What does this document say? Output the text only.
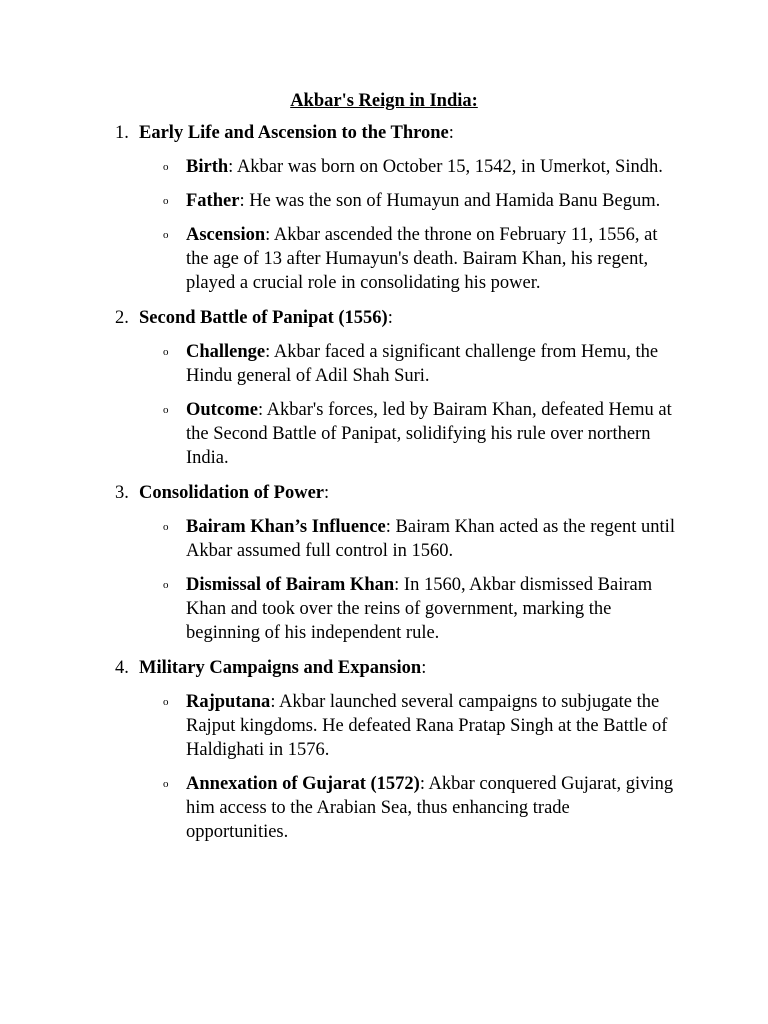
Akbar's Reign in India:
1. Early Life and Ascension to the Throne:
o Birth: Akbar was born on October 15, 1542, in Umerkot, Sindh.
o Father: He was the son of Humayun and Hamida Banu Begum.
o Ascension: Akbar ascended the throne on February 11, 1556, at the age of 13 after Humayun's death. Bairam Khan, his regent, played a crucial role in consolidating his power.
2. Second Battle of Panipat (1556):
o Challenge: Akbar faced a significant challenge from Hemu, the Hindu general of Adil Shah Suri.
o Outcome: Akbar's forces, led by Bairam Khan, defeated Hemu at the Second Battle of Panipat, solidifying his rule over northern India.
3. Consolidation of Power:
o Bairam Khan’s Influence: Bairam Khan acted as the regent until Akbar assumed full control in 1560.
o Dismissal of Bairam Khan: In 1560, Akbar dismissed Bairam Khan and took over the reins of government, marking the beginning of his independent rule.
4. Military Campaigns and Expansion:
o Rajputana: Akbar launched several campaigns to subjugate the Rajput kingdoms. He defeated Rana Pratap Singh at the Battle of Haldighati in 1576.
o Annexation of Gujarat (1572): Akbar conquered Gujarat, giving him access to the Arabian Sea, thus enhancing trade opportunities.
